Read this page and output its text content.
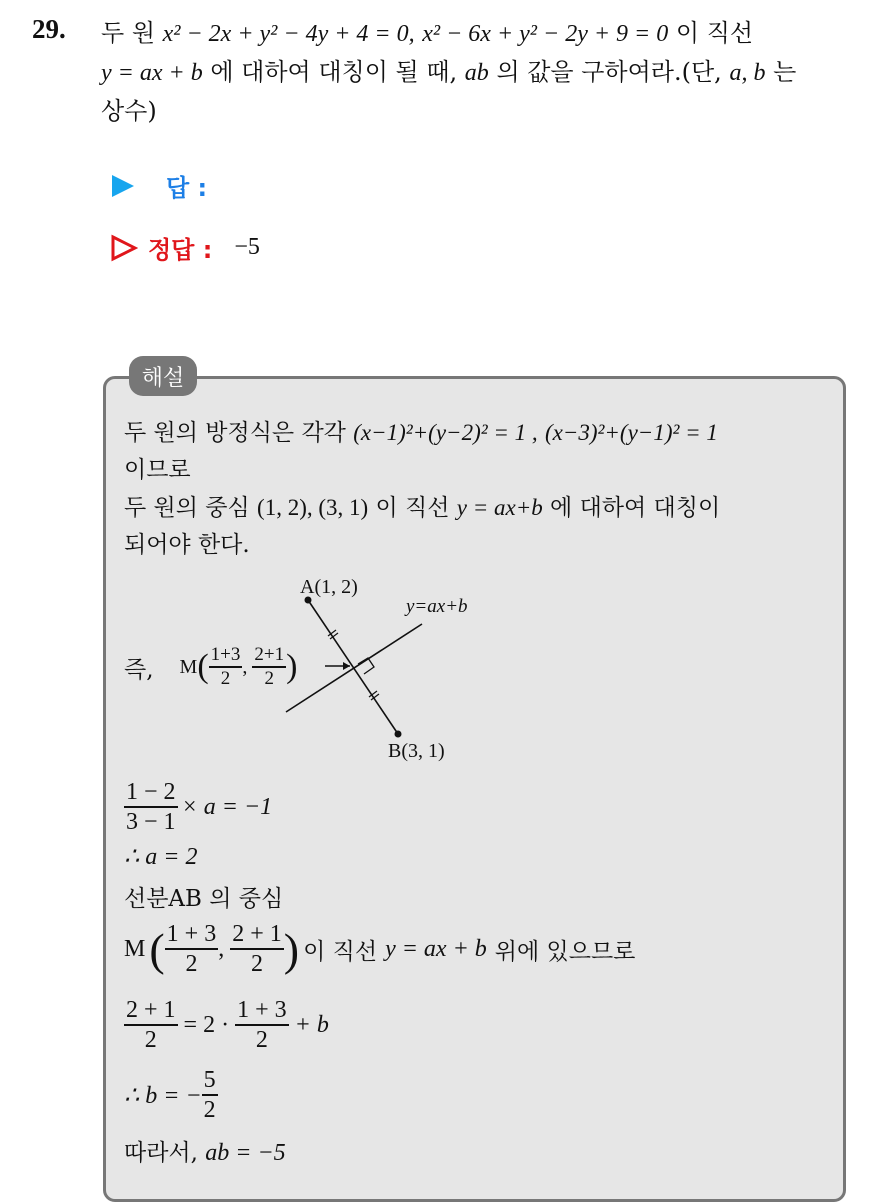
29. 두 원 x² − 2x + y² − 4y + 4 = 0, x² − 6x + y² − 2y + 9 = 0 이 직선
y = ax + b 에 대하여 대칭이 될 때, ab 의 값을 구하여라.(단, a, b 는
상수)
답 :
정답 : −5
해설
두 원의 방정식은 각각 (x−1)²+(y−2)² = 1 , (x−3)²+(y−1)² = 1
이므로
두 원의 중심 (1, 2), (3, 1) 이 직선 y = ax+b 에 대하여 대칭이
되어야 한다.
A(1, 2)
B(3, 1)
y=ax+b
즉, M ( $\frac{1+3}{2}$ , $\frac{2+1}{2}$ )
$\frac{1 - 2}{3 - 1} \times a = -1$
∴ a = 2
선분AB 의 중심
M ( $\frac{1 + 3}{2}$ , $\frac{2 + 1}{2}$ ) 이 직선 y = ax + b 위에 있으므로
$\frac{2 + 1}{2} = 2 \cdot \frac{1 + 3}{2} + b$
∴ b = − $\frac{5}{2}$
따라서, ab = −5
